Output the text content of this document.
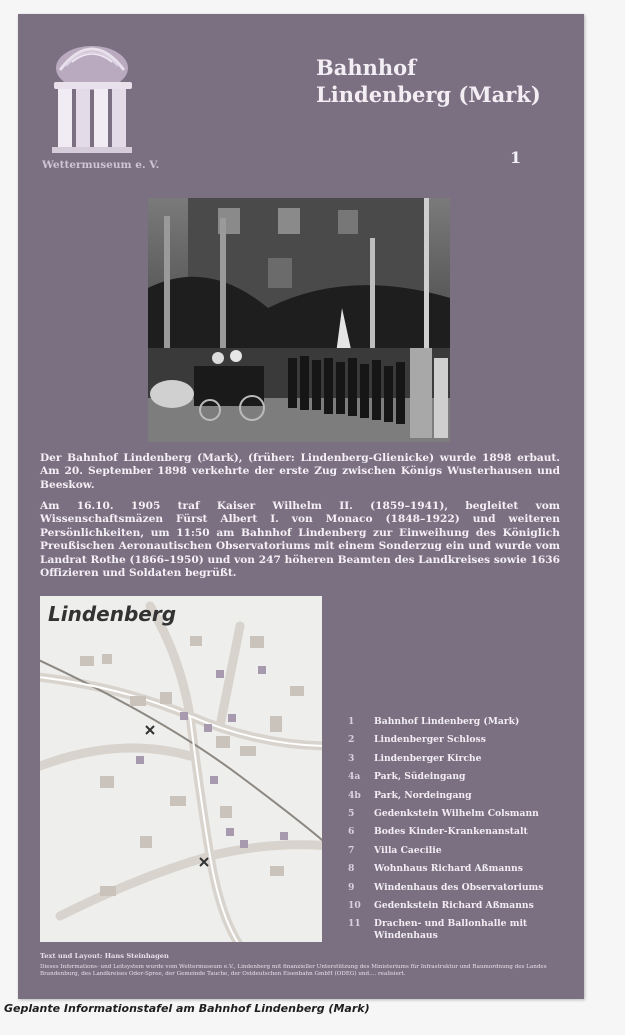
Bahnhof
Lindenberg (Mark)
Wettermuseum e. V.	1

Der Bahnhof Lindenberg (Mark), (früher: Lindenberg-Glienicke) wurde 1898 erbaut. Am 20. September 1898 verkehrte der erste Zug zwischen Königs Wusterhausen und Beeskow.

Am 16.10. 1905 traf Kaiser Wilhelm II. (1859–1941), begleitet vom Wissenschaftsmäzen Fürst Albert I. von Monaco (1848–1922) und weiteren Persönlichkeiten, um 11:50 am Bahnhof Lindenberg zur Einweihung des Königlich Preußischen Aeronautischen Observatoriums mit einem Sonderzug ein und wurde vom Landrat Rothe (1866–1950) und von 247 höheren Beamten des Landkreises sowie 1636 Offizieren und Soldaten begrüßt.

Lindenberg
1	Bahnhof Lindenberg (Mark)
2	Lindenberger Schloss
3	Lindenberger Kirche
4a	Park, Südeingang
4b	Park, Nordeingang
5	Gedenkstein Wilhelm Colsmann
6	Bodes Kinder-Krankenanstalt
7	Villa Caecilie
8	Wohnhaus Richard Aßmanns
9	Windenhaus des Observatoriums
10	Gedenkstein Richard Aßmanns
11	Drachen- und Ballonhalle mit Windenhaus
Text und Layout: Hans Steinhagen

Dieses Informations- und Leitsystem wurde vom Wettermuseum e.V., Lindenberg mit finanzieller Unterstützung des Ministeriums für Infrastruktur und Raumordnung des Landes Brandenburg, des Landkreises Oder-Spree, der Gemeinde Tauche, der Ostdeutschen Eisenbahn GmbH (ODEG) und.... realisiert.

Geplante Informationstafel am Bahnhof Lindenberg (Mark)
